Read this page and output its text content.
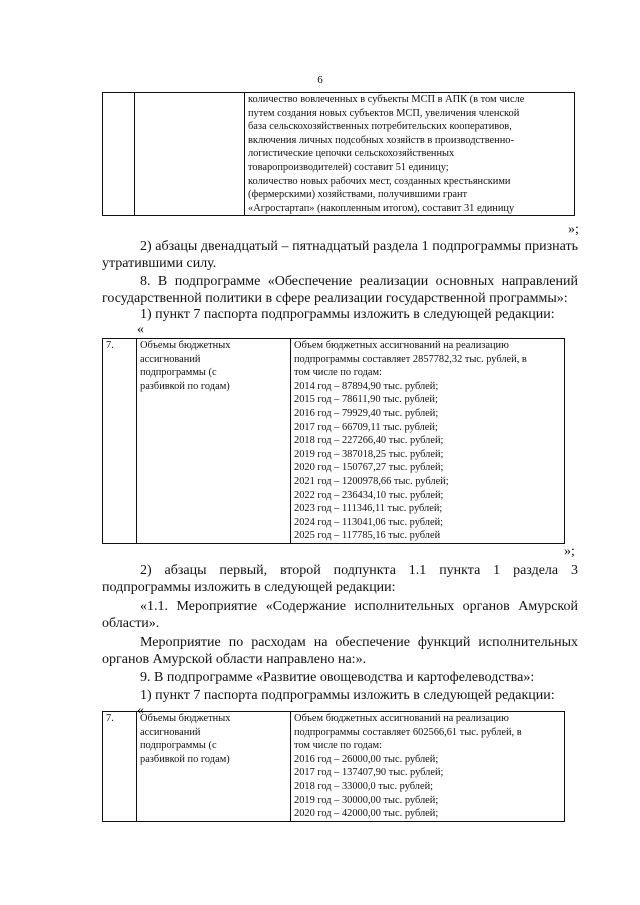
6

количество вовлеченных в субъекты МСП в АПК (в том числе
путем создания новых субъектов МСП, увеличения членской
база сельскохозяйственных потребительских кооперативов,
включения личных подсобных хозяйств в производственно-
логистические цепочки сельскохозяйственных
товаропроизводителей) составит 51 единицу;
количество новых рабочих мест, созданных крестьянскими
(фермерскими) хозяйствами, получившими грант
«Агростартап» (накопленным итогом), составит 31 единицу
»;
2) абзацы двенадцатый – пятнадцатый раздела 1 подпрограммы признать
утратившими силу.
8. В подпрограмме «Обеспечение реализации основных направлений
государственной политики в сфере реализации государственной программы»:
1) пункт 7 паспорта подпрограммы изложить в следующей редакции:
«
7.	Объемы бюджетных
ассигнований
подпрограммы (с
разбивкой по годам)

Объем бюджетных ассигнований на реализацию
подпрограммы составляет 2857782,32 тыс. рублей, в
том числе по годам:
2014 год – 87894,90 тыс. рублей;
2015 год – 78611,90 тыс. рублей;
2016 год – 79929,40 тыс. рублей;
2017 год – 66709,11 тыс. рублей;
2018 год – 227266,40 тыс. рублей;
2019 год – 387018,25 тыс. рублей;
2020 год – 150767,27 тыс. рублей;
2021 год – 1200978,66 тыс. рублей;
2022 год – 236434,10 тыс. рублей;
2023 год – 111346,11 тыс. рублей;
2024 год – 113041,06 тыс. рублей;
2025 год – 117785,16 тыс. рублей
»;
2) абзацы первый, второй подпункта 1.1 пункта 1 раздела 3
подпрограммы изложить в следующей редакции:
«1.1. Мероприятие «Содержание исполнительных органов Амурской
области».
Мероприятие по расходам на обеспечение функций исполнительных
органов Амурской области направлено на:».
9. В подпрограмме «Развитие овощеводства и картофелеводства»:
1) пункт 7 паспорта подпрограммы изложить в следующей редакции:
«
7.	Объемы бюджетных
ассигнований
подпрограммы (с
разбивкой по годам)

Объем бюджетных ассигнований на реализацию
подпрограммы составляет 602566,61 тыс. рублей, в
том числе по годам:
2016 год – 26000,00 тыс. рублей;
2017 год – 137407,90 тыс. рублей;
2018 год – 33000,0 тыс. рублей;
2019 год – 30000,00 тыс. рублей;
2020 год – 42000,00 тыс. рублей;
